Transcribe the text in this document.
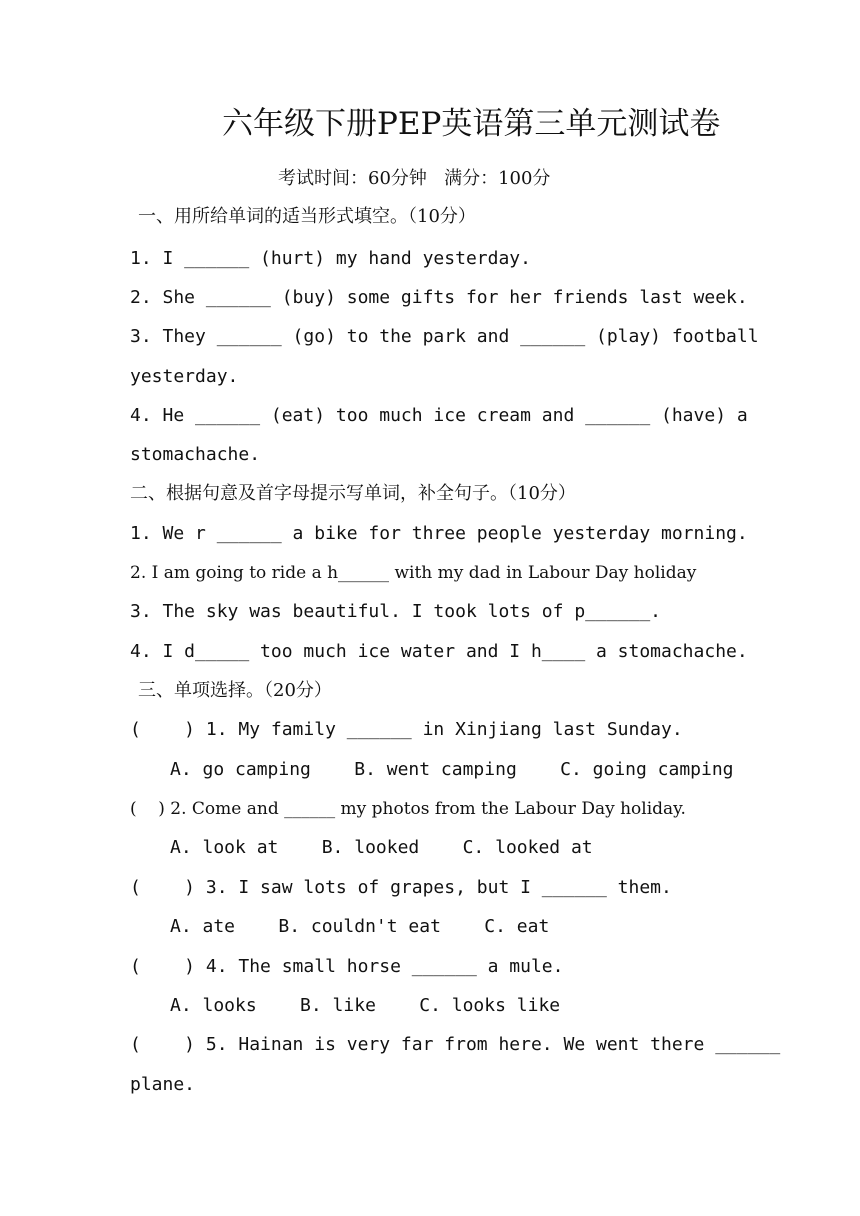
六年级下册PEP英语第三单元测试卷
考试时间：60分钟   满分：100分
一、用所给单词的适当形式填空。（10分）
1. I ______ (hurt) my hand yesterday.
2. She ______ (buy) some gifts for her friends last week.
3. They ______ (go) to the park and ______ (play) football
yesterday.
4. He ______ (eat) too much ice cream and ______ (have) a
stomachache.
二、根据句意及首字母提示写单词，补全句子。（10分）
1. We r ______ a bike for three people yesterday morning.
2. I am going to ride a h______ with my dad in Labour Day holiday
3. The sky was beautiful. I took lots of p______.
4. I d_____ too much ice water and I h____ a stomachache.
三、单项选择。（20分）
(    ) 1. My family ______ in Xinjiang last Sunday.
A. go camping    B. went camping    C. going camping
(    ) 2. Come and ______ my photos from the Labour Day holiday.
A. look at    B. looked    C. looked at
(    ) 3. I saw lots of grapes, but I ______ them.
A. ate    B. couldn't eat    C. eat
(    ) 4. The small horse ______ a mule.
A. looks    B. like    C. looks like
(    ) 5. Hainan is very far from here. We went there ______
plane.
